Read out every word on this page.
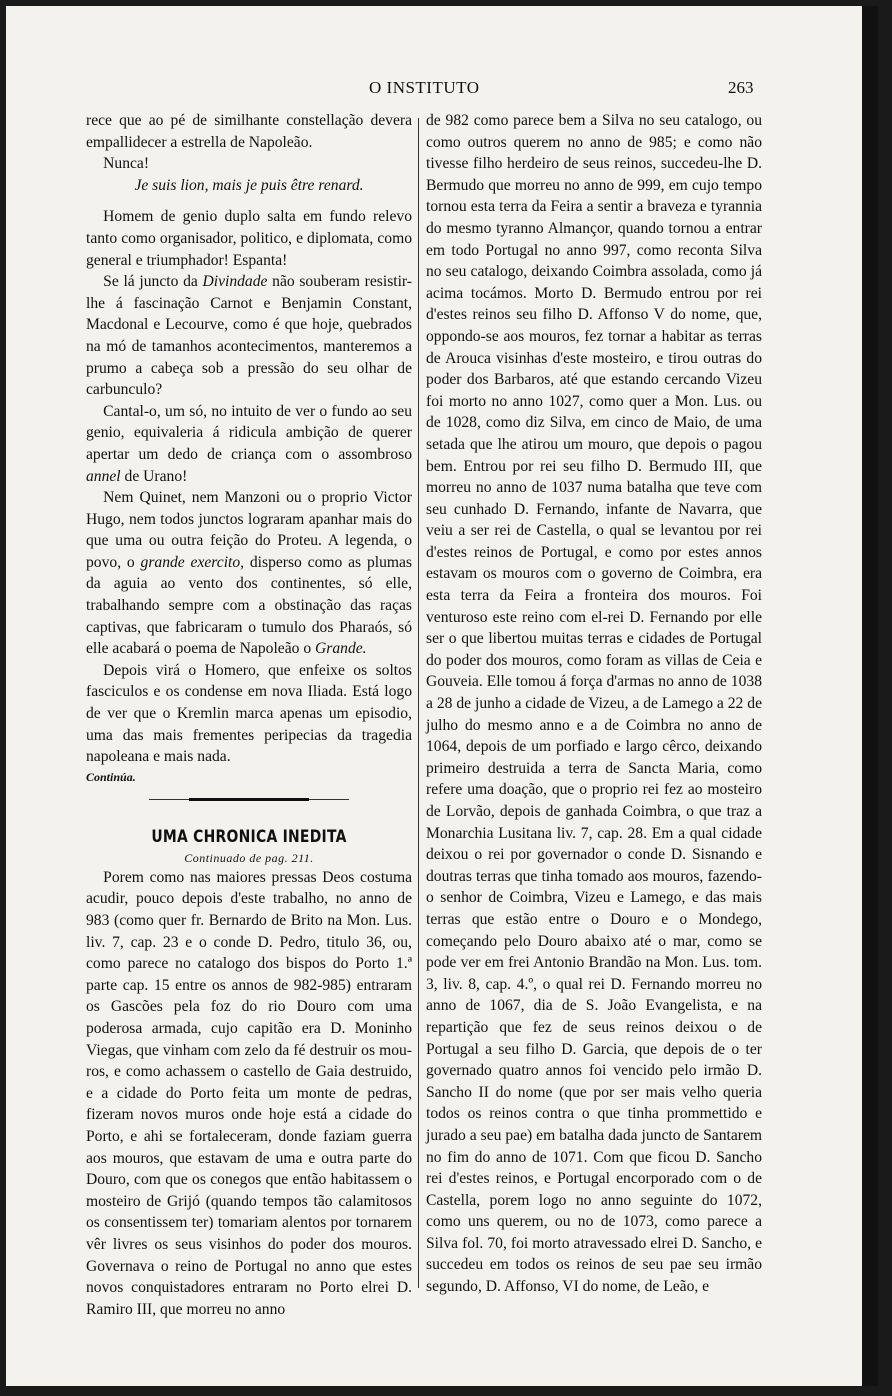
O INSTITUTO	263

rece que ao pé de similhante constellação devera empallidecer a estrella de Napoleão.

Nunca!

Je suis lion, mais je puis être renard.

Homem de genio duplo salta em fundo relevo tanto como organisador, politico, e diplomata, como general e triumphador! Espanta!

Se lá juncto da Divindade não souberam resistir-lhe á fascinação Carnot e Benjamin Constant, Macdonal e Lecourve, como é que hoje, quebrados na mó de tamanhos acontecimentos, manteremos a prumo a cabeça sob a pressão do seu olhar de carbunculo?

Cantal-o, um só, no intuito de ver o fundo ao seu genio, equivaleria á ridicula ambição de querer apertar um dedo de criança com o assombroso annel de Urano!

Nem Quinet, nem Manzoni ou o proprio Victor Hugo, nem todos junctos lograram apanhar mais do que uma ou outra feição do Proteu. A legenda, o povo, o grande exercito, disperso como as plumas da aguia ao vento dos continentes, só elle, trabalhando sempre com a obstinação das raças captivas, que fabricaram o tumulo dos Pharaós, só elle acabará o poema de Napoleão o Grande.

Depois virá o Homero, que enfeixe os soltos fasciculos e os condense em nova Iliada. Está logo de ver que o Kremlin marca apenas um episodio, uma das mais frementes peripecias da tragedia napoleana e mais nada.

Continúa.

UMA CHRONICA INEDITA

Continuado de pag. 211.

Porem como nas maiores pressas Deos costuma acudir, pouco depois d'este trabalho, no anno de 983 (como quer fr. Bernardo de Brito na Mon. Lus. liv. 7, cap. 23 e o conde D. Pedro, titulo 36, ou, como parece no catalogo dos bispos do Porto 1.ª parte cap. 15 entre os annos de 982-985) entraram os Gascões pela foz do rio Douro com uma poderosa armada, cujo capitão era D. Moninho Viegas, que vinham com zelo da fé destruir os mouros, e como achassem o castello de Gaia destruido, e a cidade do Porto feita um monte de pedras, fizeram novos muros onde hoje está a cidade do Porto, e ahi se fortaleceram, donde faziam guerra aos mouros, que estavam de uma e outra parte do Douro, com que os conegos que então habitassem o mosteiro de Grijó (quando tempos tão calamitosos os consentissem ter) tomariam alentos por tornarem vêr livres os seus visinhos do poder dos mouros. Governava o reino de Portugal no anno que estes novos conquistadores entraram no Porto elrei D. Ramiro III, que morreu no anno

de 982 como parece bem a Silva no seu catalogo, ou como outros querem no anno de 985; e como não tivesse filho herdeiro de seus reinos, succedeu-lhe D. Bermudo que morreu no anno de 999, em cujo tempo tornou esta terra da Feira a sentir a braveza e tyrannia do mesmo tyranno Almançor, quando tornou a entrar em todo Portugal no anno 997, como reconta Silva no seu catalogo, deixando Coimbra assolada, como já acima tocámos. Morto D. Bermudo entrou por rei d'estes reinos seu filho D. Affonso V do nome, que, oppondo-se aos mouros, fez tornar a habitar as terras de Arouca visinhas d'este mosteiro, e tirou outras do poder dos Barbaros, até que estando cercando Vizeu foi morto no anno 1027, como quer a Mon. Lus. ou de 1028, como diz Silva, em cinco de Maio, de uma setada que lhe atirou um mouro, que depois o pagou bem. Entrou por rei seu filho D. Bermudo III, que morreu no anno de 1037 numa batalha que teve com seu cunhado D. Fernando, infante de Navarra, que veiu a ser rei de Castella, o qual se levantou por rei d'estes reinos de Portugal, e como por estes annos estavam os mouros com o governo de Coimbra, era esta terra da Feira a fronteira dos mouros. Foi venturoso este reino com el-rei D. Fernando por elle ser o que libertou muitas terras e cidades de Portugal do poder dos mouros, como foram as villas de Ceia e Gouveia. Elle tomou á força d'armas no anno de 1038 a 28 de junho a cidade de Vizeu, a de Lamego a 22 de julho do mesmo anno e a de Coimbra no anno de 1064, depois de um porfiado e largo cêrco, deixando primeiro destruida a terra de Sancta Maria, como refere uma doação, que o proprio rei fez ao mosteiro de Lorvão, depois de ganhada Coimbra, o que traz a Monarchia Lusitana liv. 7, cap. 28. Em a qual cidade deixou o rei por governador o conde D. Sisnando e doutras terras que tinha tomado aos mouros, fazendo-o senhor de Coimbra, Vizeu e Lamego, e das mais terras que estão entre o Douro e o Mondego, começando pelo Douro abaixo até o mar, como se pode ver em frei Antonio Brandão na Mon. Lus. tom. 3, liv. 8, cap. 4.º, o qual rei D. Fernando morreu no anno de 1067, dia de S. João Evangelista, e na repartição que fez de seus reinos deixou o de Portugal a seu filho D. Garcia, que depois de o ter governado quatro annos foi vencido pelo irmão D. Sancho II do nome (que por ser mais velho queria todos os reinos contra o que tinha prommettido e jurado a seu pae) em batalha dada juncto de Santarem no fim do anno de 1071. Com que ficou D. Sancho rei d'estes reinos, e Portugal encorporado com o de Castella, porem logo no anno seguinte do 1072, como uns querem, ou no de 1073, como parece a Silva fol. 70, foi morto atravessado elrei D. Sancho, e succedeu em todos os reinos de seu pae seu irmão segundo, D. Affonso, VI do nome, de Leão, e
